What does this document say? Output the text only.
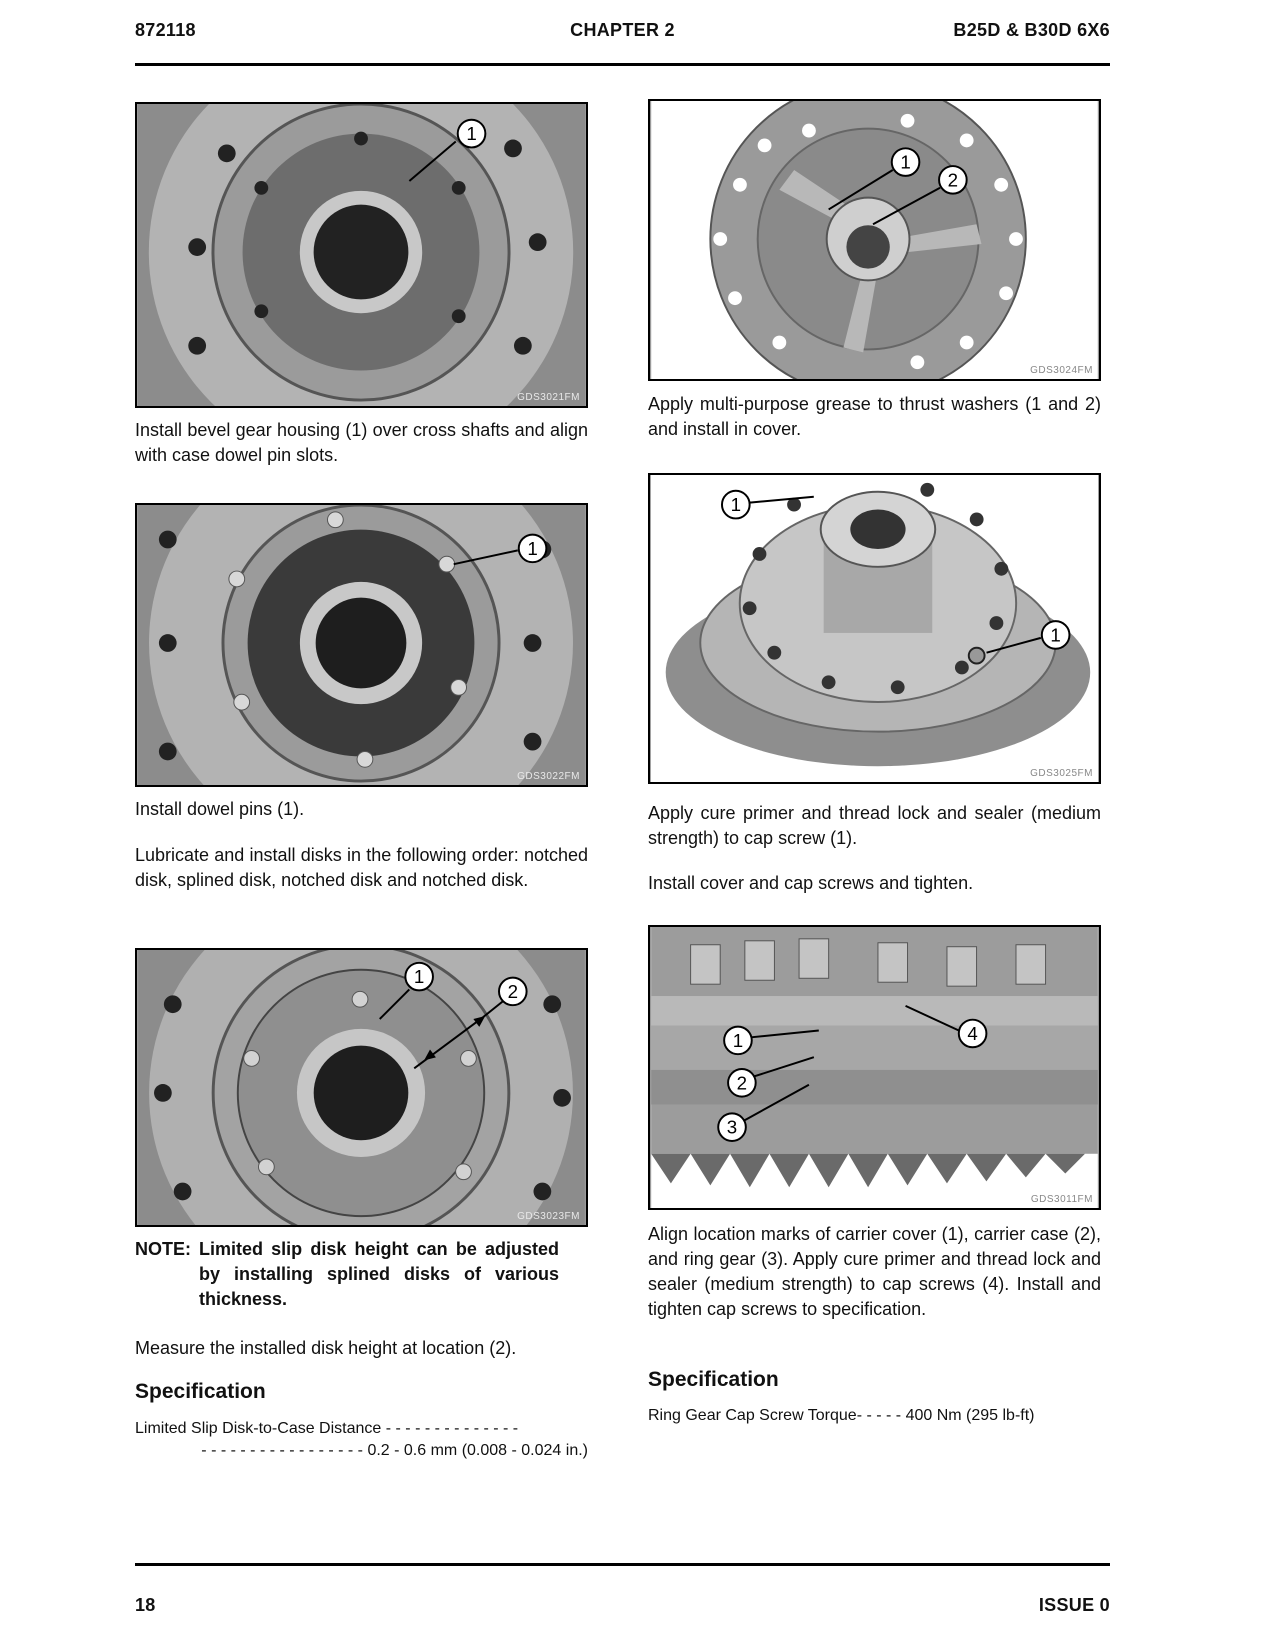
872118	CHAPTER 2	B25D & B30D 6X6
1
GDS3021FM
Install bevel gear housing (1) over cross shafts and align with case dowel pin slots.
1
GDS3022FM
Install dowel pins (1).
Lubricate and install disks in the following order: notched disk, splined disk, notched disk and notched disk.
1
2
GDS3023FM
NOTE: Limited slip disk height can be adjusted by installing splined disks of various thickness.
Measure the installed disk height at location (2).
Specification
Limited Slip Disk-to-Case Distance - - - - - - - - - - - - - -
- - - - - - - - - - - - - - - - - 0.2 - 0.6 mm (0.008 - 0.024 in.)
1
2
GDS3024FM
Apply multi-purpose grease to thrust washers (1 and 2) and install in cover.
1
1
GDS3025FM
Apply cure primer and thread lock and sealer (medium strength) to cap screw (1).
Install cover and cap screws and tighten.
1
2
3
4
GDS3011FM
Align location marks of carrier cover (1), carrier case (2), and ring gear (3). Apply cure primer and thread lock and sealer (medium strength) to cap screws (4). Install and tighten cap screws to specification.
Specification
Ring Gear Cap Screw Torque- - - - - 400 Nm (295 lb-ft)
18	ISSUE 0
